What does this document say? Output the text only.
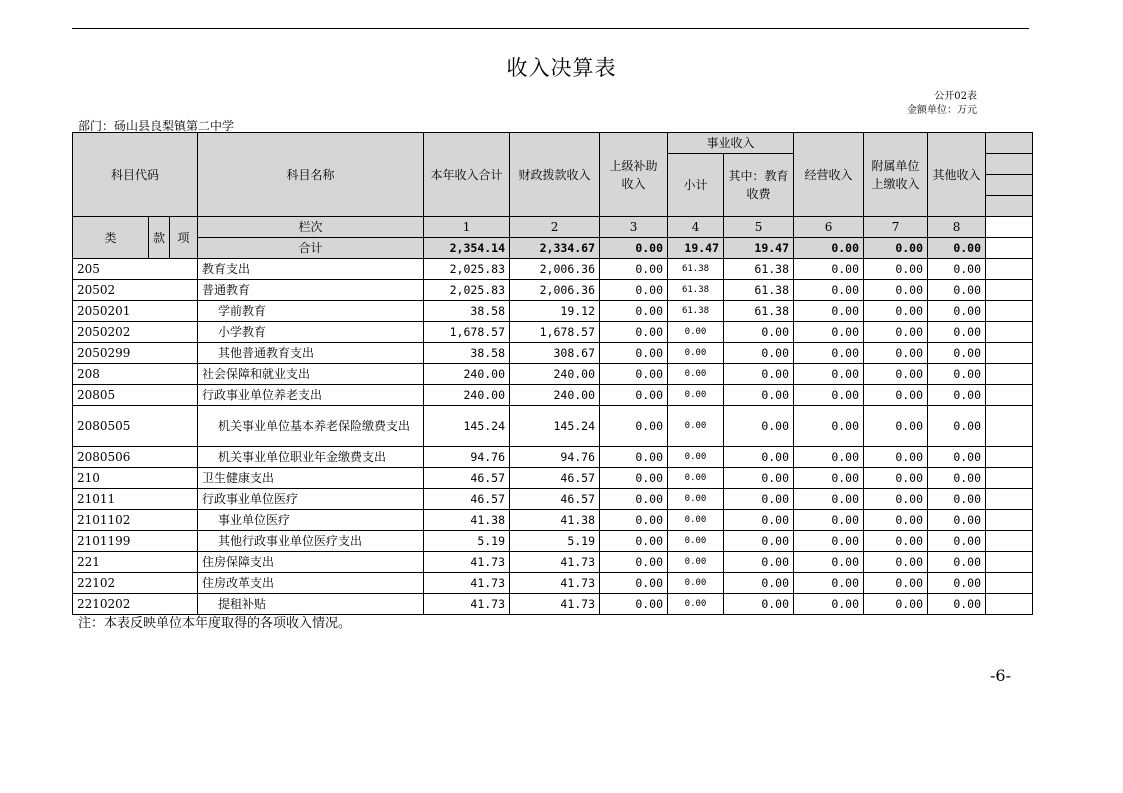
收入决算表
公开02表
金额单位：万元
部门：砀山县良梨镇第二中学
科目代码			科目名称	本年收入合计	财政拨款收入	上级补助收入	事业收入		经营收入	附属单位上缴收入	其他收入	
							小计	其中：教育收费				

类	款	项	栏次	1	2	3	4	5	6	7	8	
			合计	2,354.14	2,334.67	0.00	19.47	19.47	0.00	0.00	0.00	
205			教育支出	2,025.83	2,006.36	0.00	61.38	61.38	0.00	0.00	0.00	
20502			普通教育	2,025.83	2,006.36	0.00	61.38	61.38	0.00	0.00	0.00	
2050201			学前教育	38.58	19.12	0.00	61.38	61.38	0.00	0.00	0.00	
2050202			小学教育	1,678.57	1,678.57	0.00	0.00	0.00	0.00	0.00	0.00	
2050299			其他普通教育支出	38.58	308.67	0.00	0.00	0.00	0.00	0.00	0.00	
208			社会保障和就业支出	240.00	240.00	0.00	0.00	0.00	0.00	0.00	0.00	
20805			行政事业单位养老支出	240.00	240.00	0.00	0.00	0.00	0.00	0.00	0.00	
2080505			机关事业单位基本养老保险缴费支出	145.24	145.24	0.00	0.00	0.00	0.00	0.00	0.00	
2080506			机关事业单位职业年金缴费支出	94.76	94.76	0.00	0.00	0.00	0.00	0.00	0.00	
210			卫生健康支出	46.57	46.57	0.00	0.00	0.00	0.00	0.00	0.00	
21011			行政事业单位医疗	46.57	46.57	0.00	0.00	0.00	0.00	0.00	0.00	
2101102			事业单位医疗	41.38	41.38	0.00	0.00	0.00	0.00	0.00	0.00	
2101199			其他行政事业单位医疗支出	5.19	5.19	0.00	0.00	0.00	0.00	0.00	0.00	
221			住房保障支出	41.73	41.73	0.00	0.00	0.00	0.00	0.00	0.00	
22102			住房改革支出	41.73	41.73	0.00	0.00	0.00	0.00	0.00	0.00	
2210202			提租补贴	41.73	41.73	0.00	0.00	0.00	0.00	0.00	0.00	
注：本表反映单位本年度取得的各项收入情况。
-6-
